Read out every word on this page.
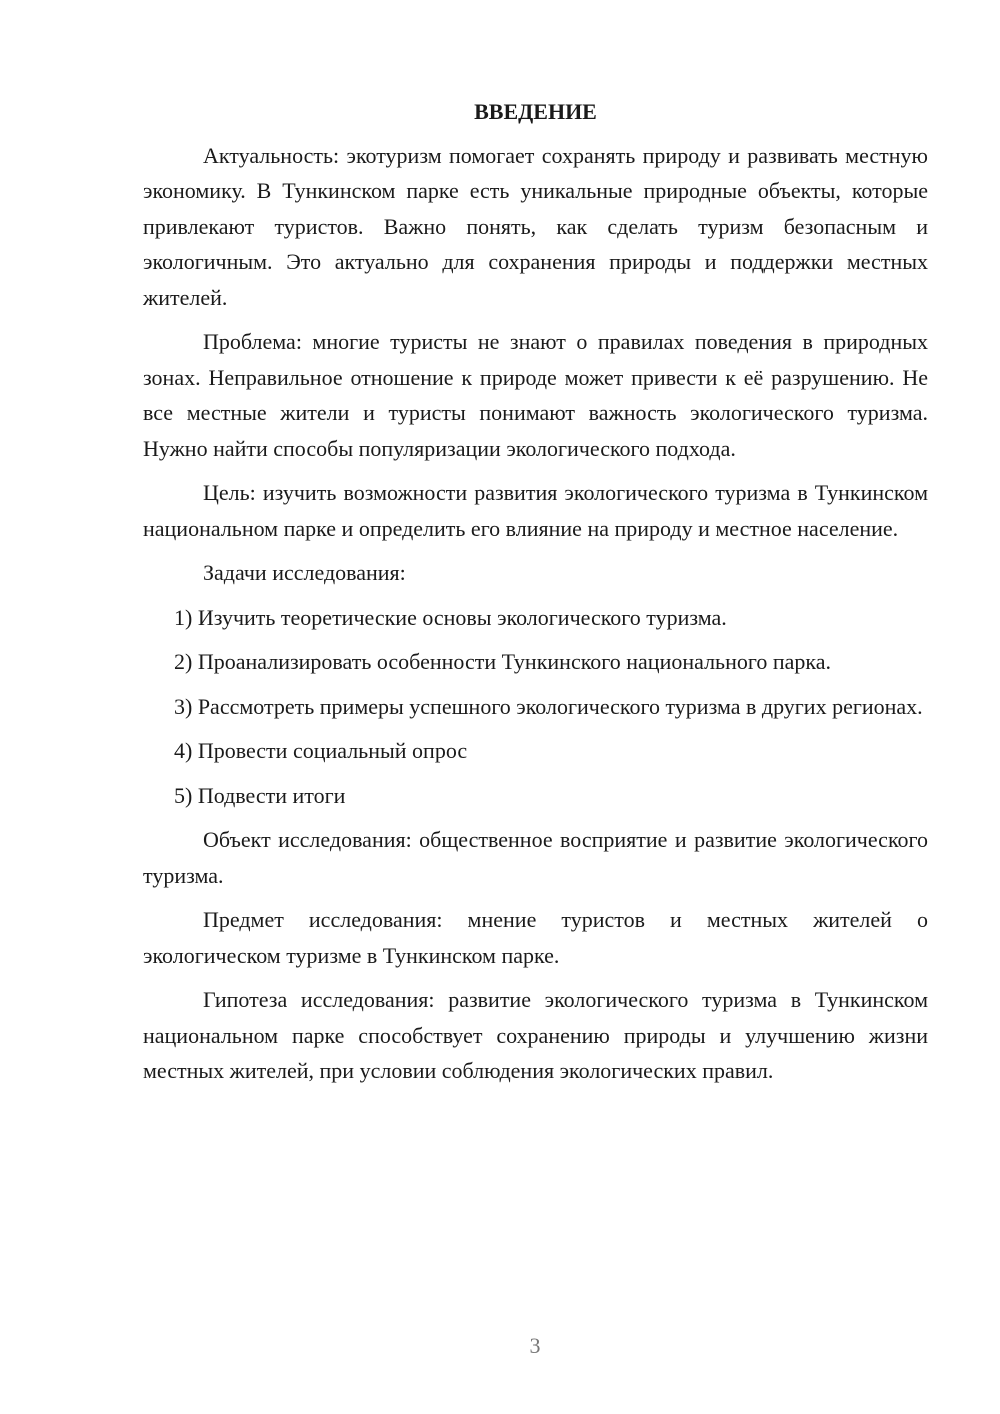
ВВЕДЕНИЕ

Актуальность: экотуризм помогает сохранять природу и развивать местную экономику. В Тункинском парке есть уникальные природные объекты, которые привлекают туристов. Важно понять, как сделать туризм безопасным и экологичным. Это актуально для сохранения природы и поддержки местных жителей.

Проблема: многие туристы не знают о правилах поведения в природных зонах. Неправильное отношение к природе может привести к её разрушению. Не все местные жители и туристы понимают важность экологического туризма. Нужно найти способы популяризации экологического подхода.

Цель: изучить возможности развития экологического туризма в Тункинском национальном парке и определить его влияние на природу и местное население.

Задачи исследования:

1) Изучить теоретические основы экологического туризма.

2) Проанализировать особенности Тункинского национального парка.

3) Рассмотреть примеры успешного экологического туризма в других регионах.

4) Провести социальный опрос

5) Подвести итоги

Объект исследования: общественное восприятие и развитие экологического туризма.

Предмет исследования: мнение туристов и местных жителей о экологическом туризме в Тункинском парке.

Гипотеза исследования: развитие экологического туризма в Тункинском национальном парке способствует сохранению природы и улучшению жизни местных жителей, при условии соблюдения экологических правил.

3
